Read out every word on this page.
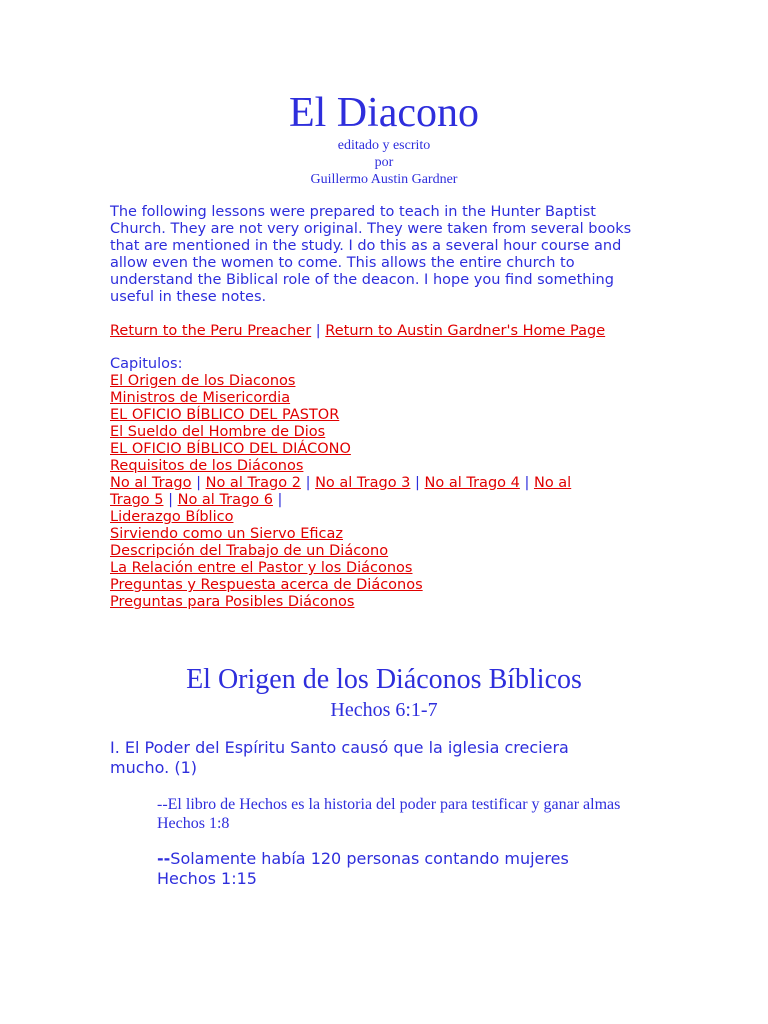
El Diacono
editado y escrito
por
Guillermo Austin Gardner
The following lessons were prepared to teach in the Hunter Baptist Church. They are not very original. They were taken from several books that are mentioned in the study. I do this as a several hour course and allow even the women to come. This allows the entire church to understand the Biblical role of the deacon. I hope you find something useful in these notes.
Return to the Peru Preacher | Return to Austin Gardner's Home Page
Capitulos:
El Origen de los Diaconos
Ministros de Misericordia
EL OFICIO BÍBLICO DEL PASTOR
El Sueldo del Hombre de Dios
EL OFICIO BÍBLICO DEL DIÁCONO
Requisitos de los Diáconos
No al Trago | No al Trago 2 | No al Trago 3 | No al Trago 4 | No al
Trago 5 | No al Trago 6 |
Liderazgo Bíblico
Sirviendo como un Siervo Eficaz
Descripción del Trabajo de un Diácono
La Relación entre el Pastor y los Diáconos
Preguntas y Respuesta acerca de Diáconos
Preguntas para Posibles Diáconos
El Origen de los Diáconos Bíblicos
Hechos 6:1-7
I. El Poder del Espíritu Santo causó que la iglesia creciera mucho. (1)
--El libro de Hechos es la historia del poder para testificar y ganar almas Hechos 1:8
--Solamente había 120 personas contando mujeres Hechos 1:15
